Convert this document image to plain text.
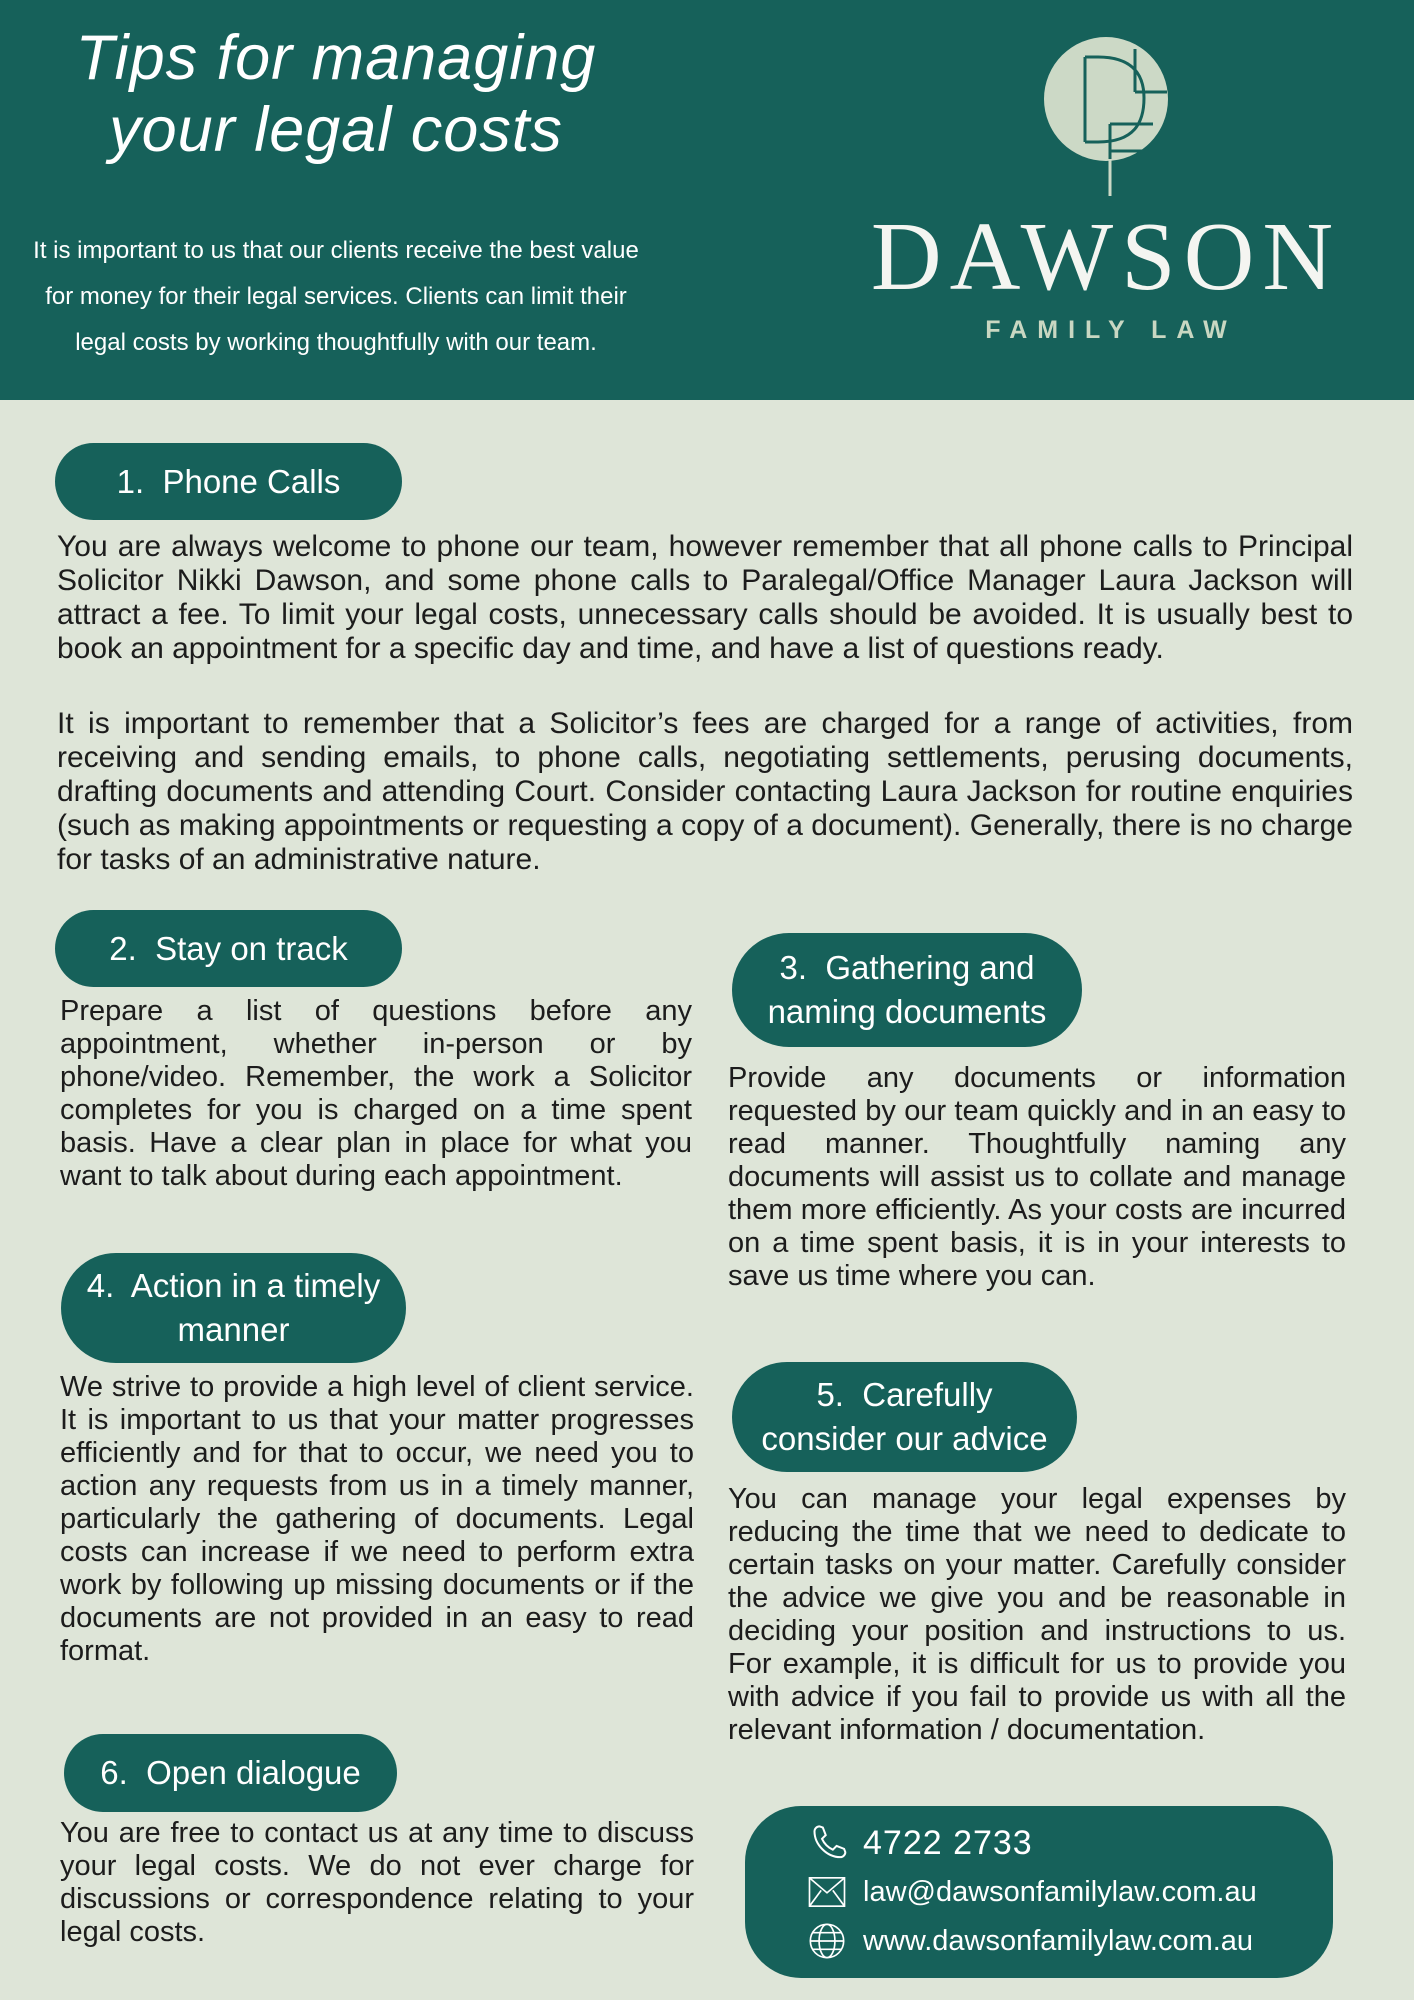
Tips for managing
your legal costs
It is important to us that our clients receive the best value
for money for their legal services. Clients can limit their
legal costs by working thoughtfully with our team.
DAWSON
FAMILY LAW
1.  Phone Calls
You are always welcome to phone our team, however remember that all phone calls to Principal Solicitor Nikki Dawson, and some phone calls to Paralegal/Office Manager Laura Jackson will attract a fee. To limit your legal costs, unnecessary calls should be avoided. It is usually best to book an appointment for a specific day and time, and have a list of questions ready.
It is important to remember that a Solicitor’s fees are charged for a range of activities, from receiving and sending emails, to phone calls, negotiating settlements, perusing documents, drafting documents and attending Court. Consider contacting Laura Jackson for routine enquiries (such as making appointments or requesting a copy of a document). Generally, there is no charge for tasks of an administrative nature.
2.  Stay on track
Prepare a list of questions before any appointment, whether in-person or by phone/video. Remember, the work a Solicitor completes for you is charged on a time spent basis. Have a clear plan in place for what you want to talk about during each appointment.
3.  Gathering and
naming documents
Provide any documents or information requested by our team quickly and in an easy to read manner. Thoughtfully naming any documents will assist us to collate and manage them more efficiently. As your costs are incurred on a time spent basis, it is in your interests to save us time where you can.
4.  Action in a timely
manner
We strive to provide a high level of client service. It is important to us that your matter progresses efficiently and for that to occur, we need you to action any requests from us in a timely manner, particularly the gathering of documents. Legal costs can increase if we need to perform extra work by following up missing documents or if the documents are not provided in an easy to read format.
5.  Carefully
consider our advice
You can manage your legal expenses by reducing the time that we need to dedicate to certain tasks on your matter. Carefully consider the advice we give you and be reasonable in deciding your position and instructions to us. For example, it is difficult for us to provide you with advice if you fail to provide us with all the relevant information / documentation.
6.  Open dialogue
You are free to contact us at any time to discuss your legal costs. We do not ever charge for discussions or correspondence relating to your legal costs.
4722 2733
law@dawsonfamilylaw.com.au
www.dawsonfamilylaw.com.au
